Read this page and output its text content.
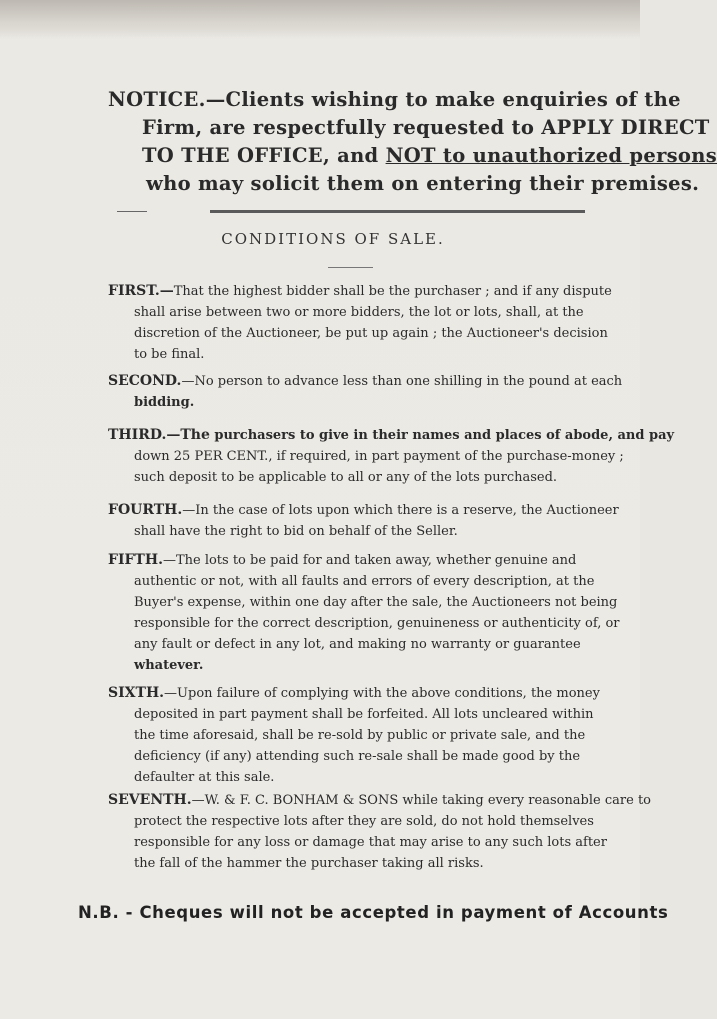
NOTICE.—Clients wishing to make enquiries of the
Firm, are respectfully requested to APPLY DIRECT
TO THE OFFICE, and NOT to unauthorized persons
who may solicit them on entering their premises.
CONDITIONS OF SALE.
FIRST.—That the highest bidder shall be the purchaser ; and if any dispute
shall arise between two or more bidders, the lot or lots, shall, at the
discretion of the Auctioneer, be put up again ; the Auctioneer's decision
to be final.
SECOND.—No person to advance less than one shilling in the pound at each
bidding.
THIRD.—The purchasers to give in their names and places of abode, and pay
down 25 PER CENT., if required, in part payment of the purchase-money ;
such deposit to be applicable to all or any of the lots purchased.
FOURTH.—In the case of lots upon which there is a reserve, the Auctioneer
shall have the right to bid on behalf of the Seller.
FIFTH.—The lots to be paid for and taken away, whether genuine and
authentic or not, with all faults and errors of every description, at the
Buyer's expense, within one day after the sale, the Auctioneers not being
responsible for the correct description, genuineness or authenticity of, or
any fault or defect in any lot, and making no warranty or guarantee
whatever.
SIXTH.—Upon failure of complying with the above conditions, the money
deposited in part payment shall be forfeited. All lots uncleared within
the time aforesaid, shall be re-sold by public or private sale, and the
deficiency (if any) attending such re-sale shall be made good by the
defaulter at this sale.
SEVENTH.—W. & F. C. BONHAM & SONS while taking every reasonable care to
protect the respective lots after they are sold, do not hold themselves
responsible for any loss or damage that may arise to any such lots after
the fall of the hammer the purchaser taking all risks.
N.B. - Cheques will not be accepted in payment of Accounts
